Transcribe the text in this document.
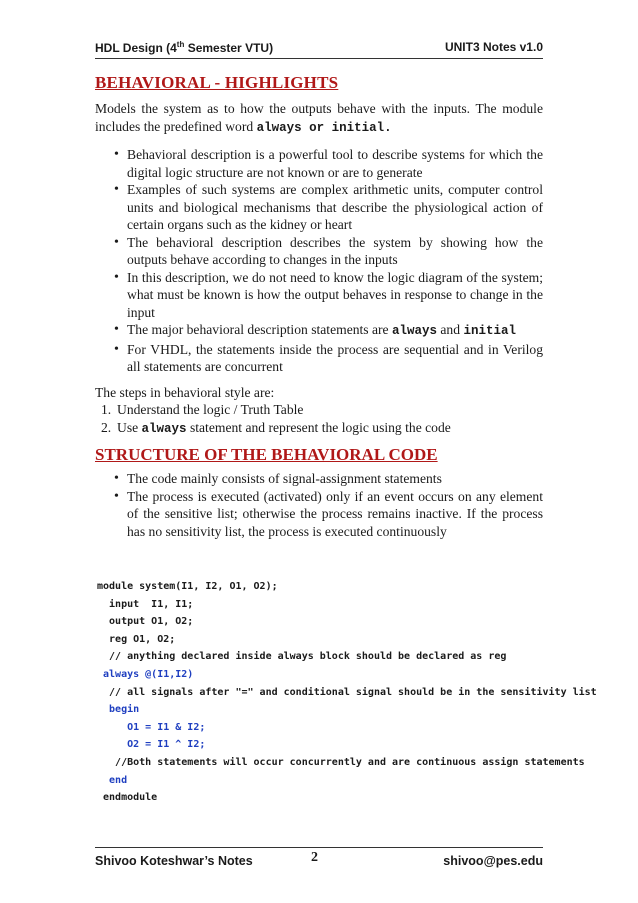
HDL Design (4th Semester VTU)	UNIT3 Notes v1.0
BEHAVIORAL - HIGHLIGHTS

Models the system as to how the outputs behave with the inputs. The module includes the predefined word always or initial.

• Behavioral description is a powerful tool to describe systems for which the digital logic structure are not known or are to generate
• Examples of such systems are complex arithmetic units, computer control units and biological mechanisms that describe the physiological action of certain organs such as the kidney or heart
• The behavioral description describes the system by showing how the outputs behave according to changes in the inputs
• In this description, we do not need to know the logic diagram of the system; what must be known is how the output behaves in response to change in the input
• The major behavioral description statements are always and initial
• For VHDL, the statements inside the process are sequential and in Verilog all statements are concurrent

The steps in behavioral style are:

1. Understand the logic / Truth Table
2. Use always statement and represent the logic using the code
STRUCTURE OF THE BEHAVIORAL CODE
• The code mainly consists of signal-assignment statements
• The process is executed (activated) only if an event occurs on any element of the sensitive list; otherwise the process remains inactive. If the process has no sensitivity list, the process is executed continuously
module system(I1, I2, O1, O2);
input  I1, I1;
output O1, O2;
reg O1, O2;
// anything declared inside always block should be declared as reg
always @(I1,I2)
// all signals after "=" and conditional signal should be in the sensitivity list
begin
O1 = I1 & I2;
O2 = I1 ^ I2;
//Both statements will occur concurrently and are continuous assign statements
end
endmodule
Shivoo Koteshwar’s Notes	2	shivoo@pes.edu
